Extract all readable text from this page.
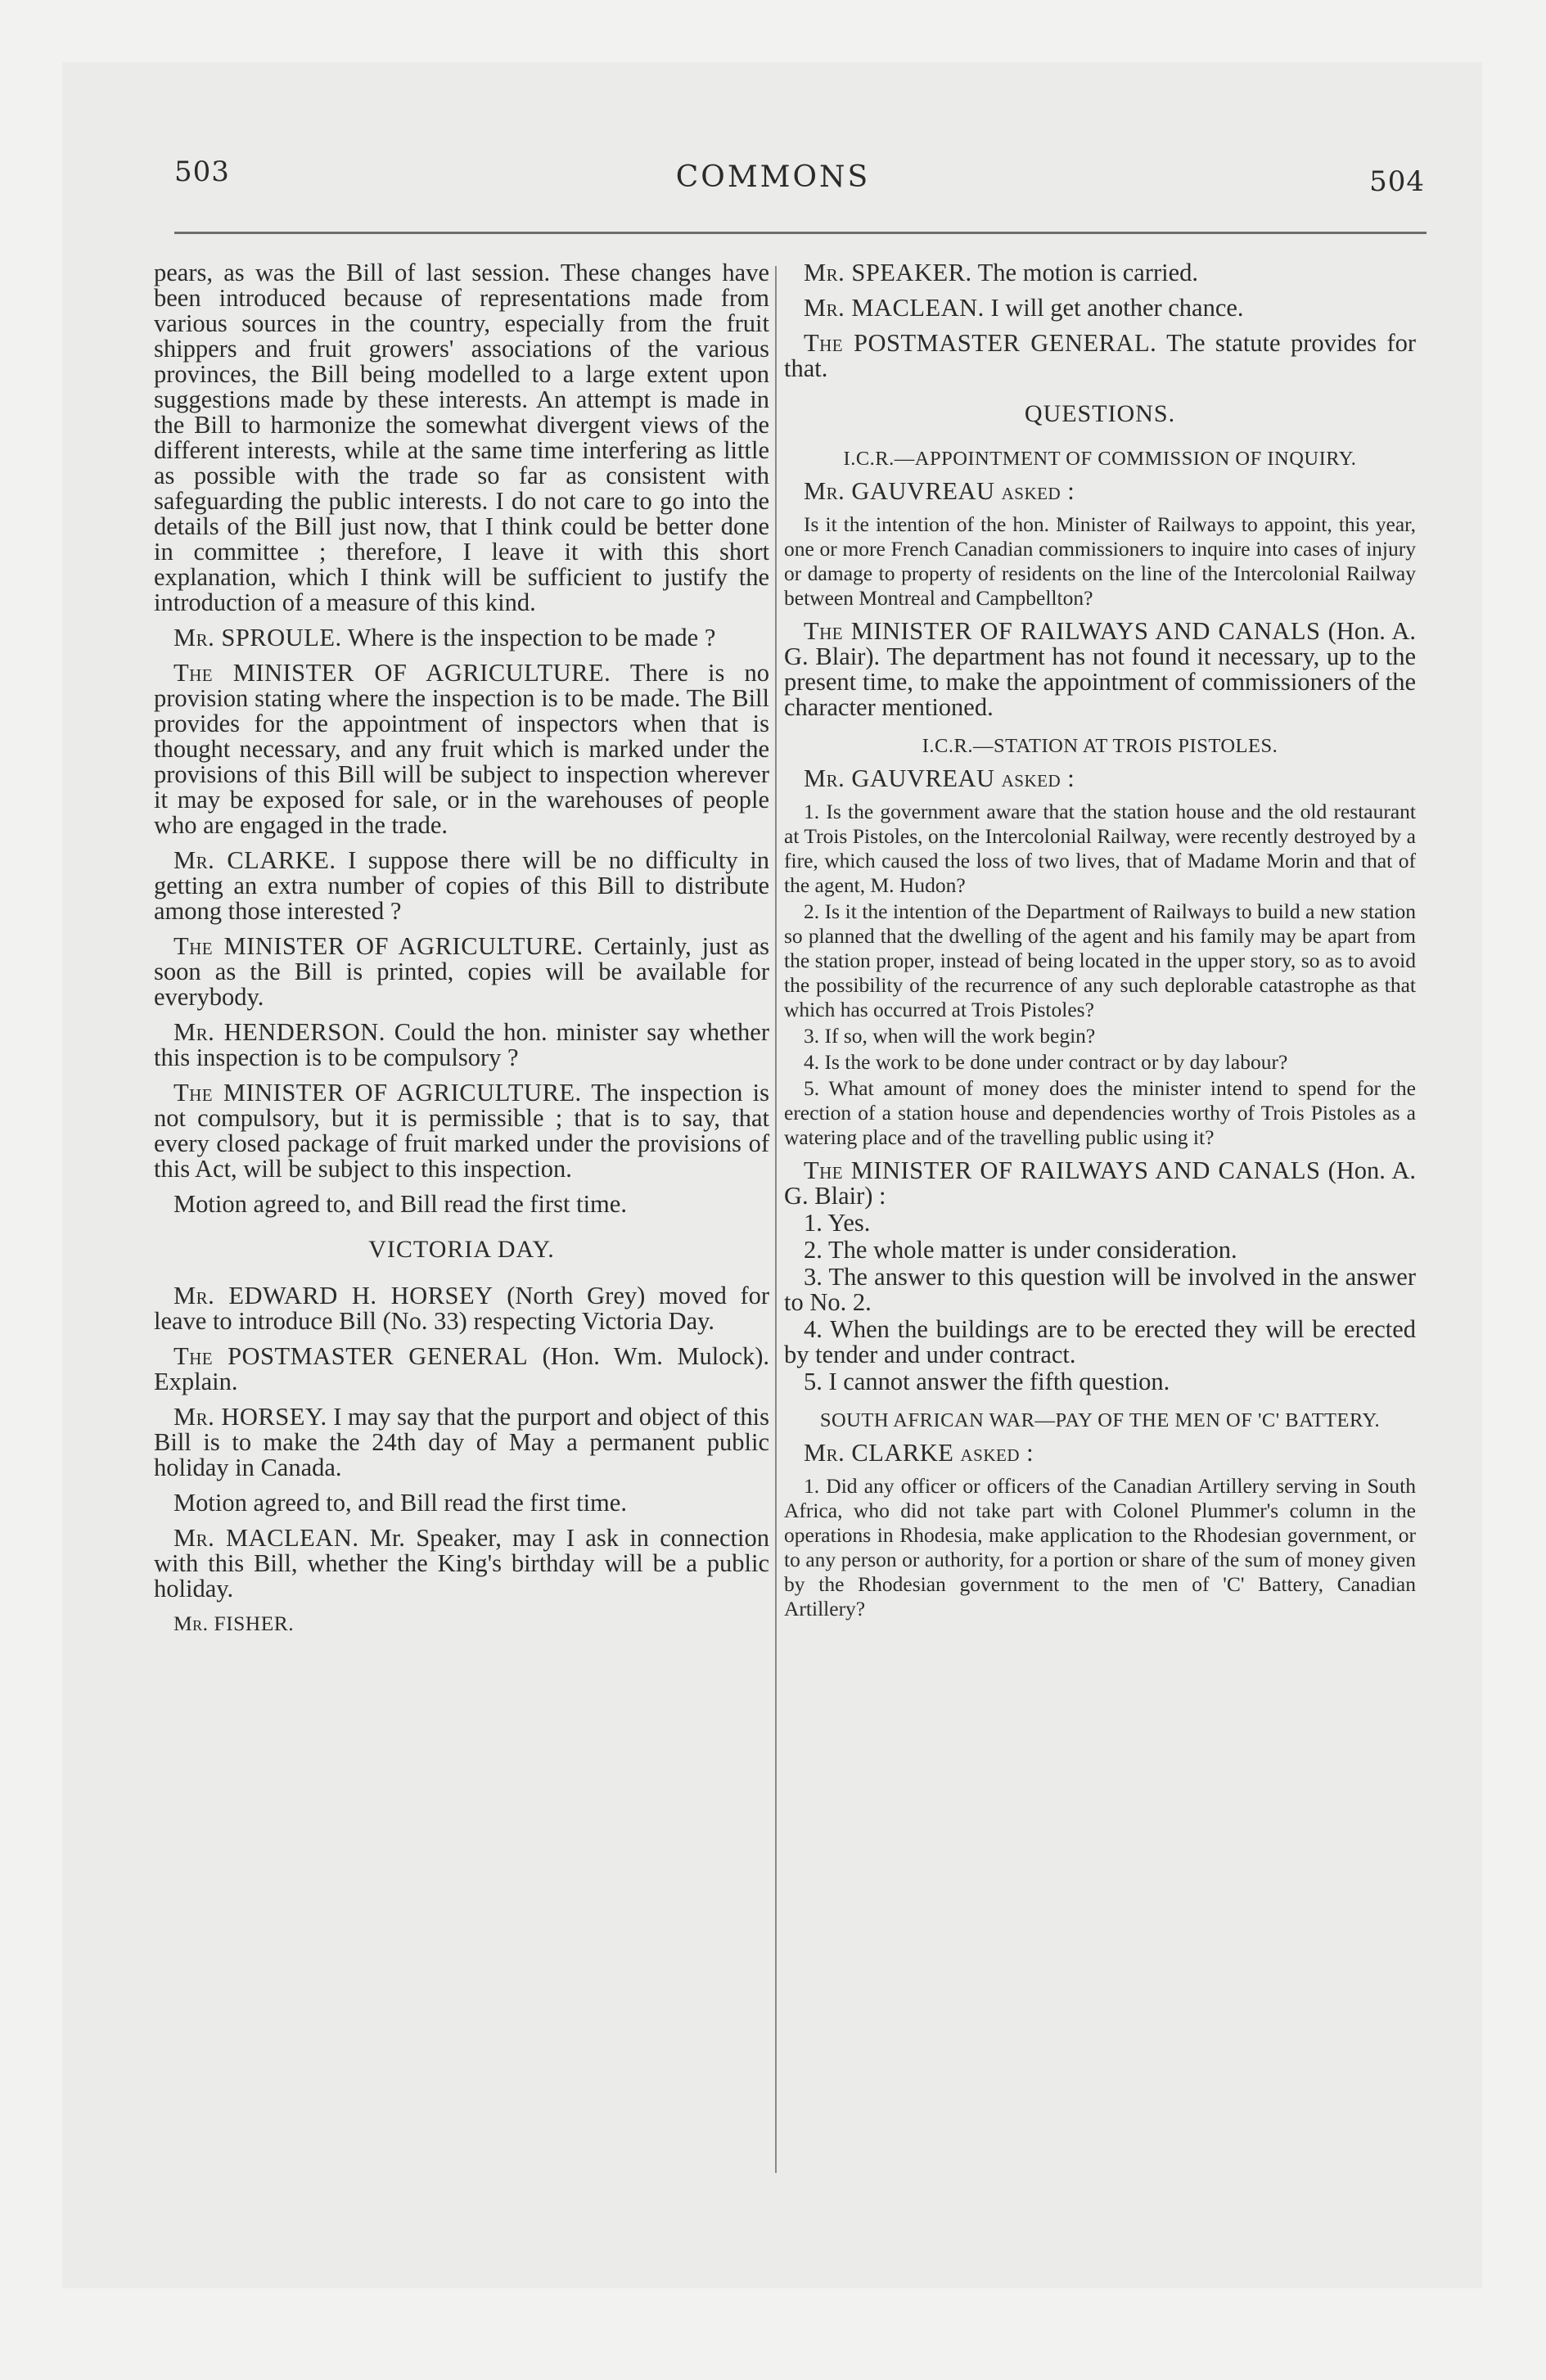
503	COMMONS	504

pears, as was the Bill of last session. These changes have been introduced because of representations made from various sources in the country, especially from the fruit shippers and fruit growers' associations of the various provinces, the Bill being modelled to a large extent upon suggestions made by these interests. An attempt is made in the Bill to harmonize the somewhat divergent views of the different interests, while at the same time interfering as little as possible with the trade so far as consistent with safeguarding the public interests. I do not care to go into the details of the Bill just now, that I think could be better done in committee ; therefore, I leave it with this short explanation, which I think will be sufficient to justify the introduction of a measure of this kind.

Mr. SPROULE. Where is the inspection to be made ?

The MINISTER OF AGRICULTURE. There is no provision stating where the inspection is to be made. The Bill provides for the appointment of inspectors when that is thought necessary, and any fruit which is marked under the provisions of this Bill will be subject to inspection wherever it may be exposed for sale, or in the warehouses of people who are engaged in the trade.

Mr. CLARKE. I suppose there will be no difficulty in getting an extra number of copies of this Bill to distribute among those interested ?

The MINISTER OF AGRICULTURE. Certainly, just as soon as the Bill is printed, copies will be available for everybody.

Mr. HENDERSON. Could the hon. minister say whether this inspection is to be compulsory ?

The MINISTER OF AGRICULTURE. The inspection is not compulsory, but it is permissible ; that is to say, that every closed package of fruit marked under the provisions of this Act, will be subject to this inspection.

Motion agreed to, and Bill read the first time.

VICTORIA DAY.

Mr. EDWARD H. HORSEY (North Grey) moved for leave to introduce Bill (No. 33) respecting Victoria Day.

The POSTMASTER GENERAL (Hon. Wm. Mulock). Explain.

Mr. HORSEY. I may say that the purport and object of this Bill is to make the 24th day of May a permanent public holiday in Canada.

Motion agreed to, and Bill read the first time.

Mr. MACLEAN. Mr. Speaker, may I ask in connection with this Bill, whether the King's birthday will be a public holiday.

Mr. FISHER.

Mr. SPEAKER. The motion is carried.

Mr. MACLEAN. I will get another chance.

The POSTMASTER GENERAL. The statute provides for that.

QUESTIONS.
I.C.R.—APPOINTMENT OF COMMISSION OF INQUIRY.

Mr. GAUVREAU asked :

Is it the intention of the hon. Minister of Railways to appoint, this year, one or more French Canadian commissioners to inquire into cases of injury or damage to property of residents on the line of the Intercolonial Railway between Montreal and Campbellton?

The MINISTER OF RAILWAYS AND CANALS (Hon. A. G. Blair). The department has not found it necessary, up to the present time, to make the appointment of commissioners of the character mentioned.

I.C.R.—STATION AT TROIS PISTOLES.

Mr. GAUVREAU asked :

1. Is the government aware that the station house and the old restaurant at Trois Pistoles, on the Intercolonial Railway, were recently destroyed by a fire, which caused the loss of two lives, that of Madame Morin and that of the agent, M. Hudon?

2. Is it the intention of the Department of Railways to build a new station so planned that the dwelling of the agent and his family may be apart from the station proper, instead of being located in the upper story, so as to avoid the possibility of the recurrence of any such deplorable catastrophe as that which has occurred at Trois Pistoles?

3. If so, when will the work begin?

4. Is the work to be done under contract or by day labour?

5. What amount of money does the minister intend to spend for the erection of a station house and dependencies worthy of Trois Pistoles as a watering place and of the travelling public using it?

The MINISTER OF RAILWAYS AND CANALS (Hon. A. G. Blair) :

1. Yes.

2. The whole matter is under consideration.

3. The answer to this question will be involved in the answer to No. 2.

4. When the buildings are to be erected they will be erected by tender and under contract.

5. I cannot answer the fifth question.

SOUTH AFRICAN WAR—PAY OF THE MEN OF 'C' BATTERY.

Mr. CLARKE asked :

1. Did any officer or officers of the Canadian Artillery serving in South Africa, who did not take part with Colonel Plummer's column in the operations in Rhodesia, make application to the Rhodesian government, or to any person or authority, for a portion or share of the sum of money given by the Rhodesian government to the men of 'C' Battery, Canadian Artillery?
